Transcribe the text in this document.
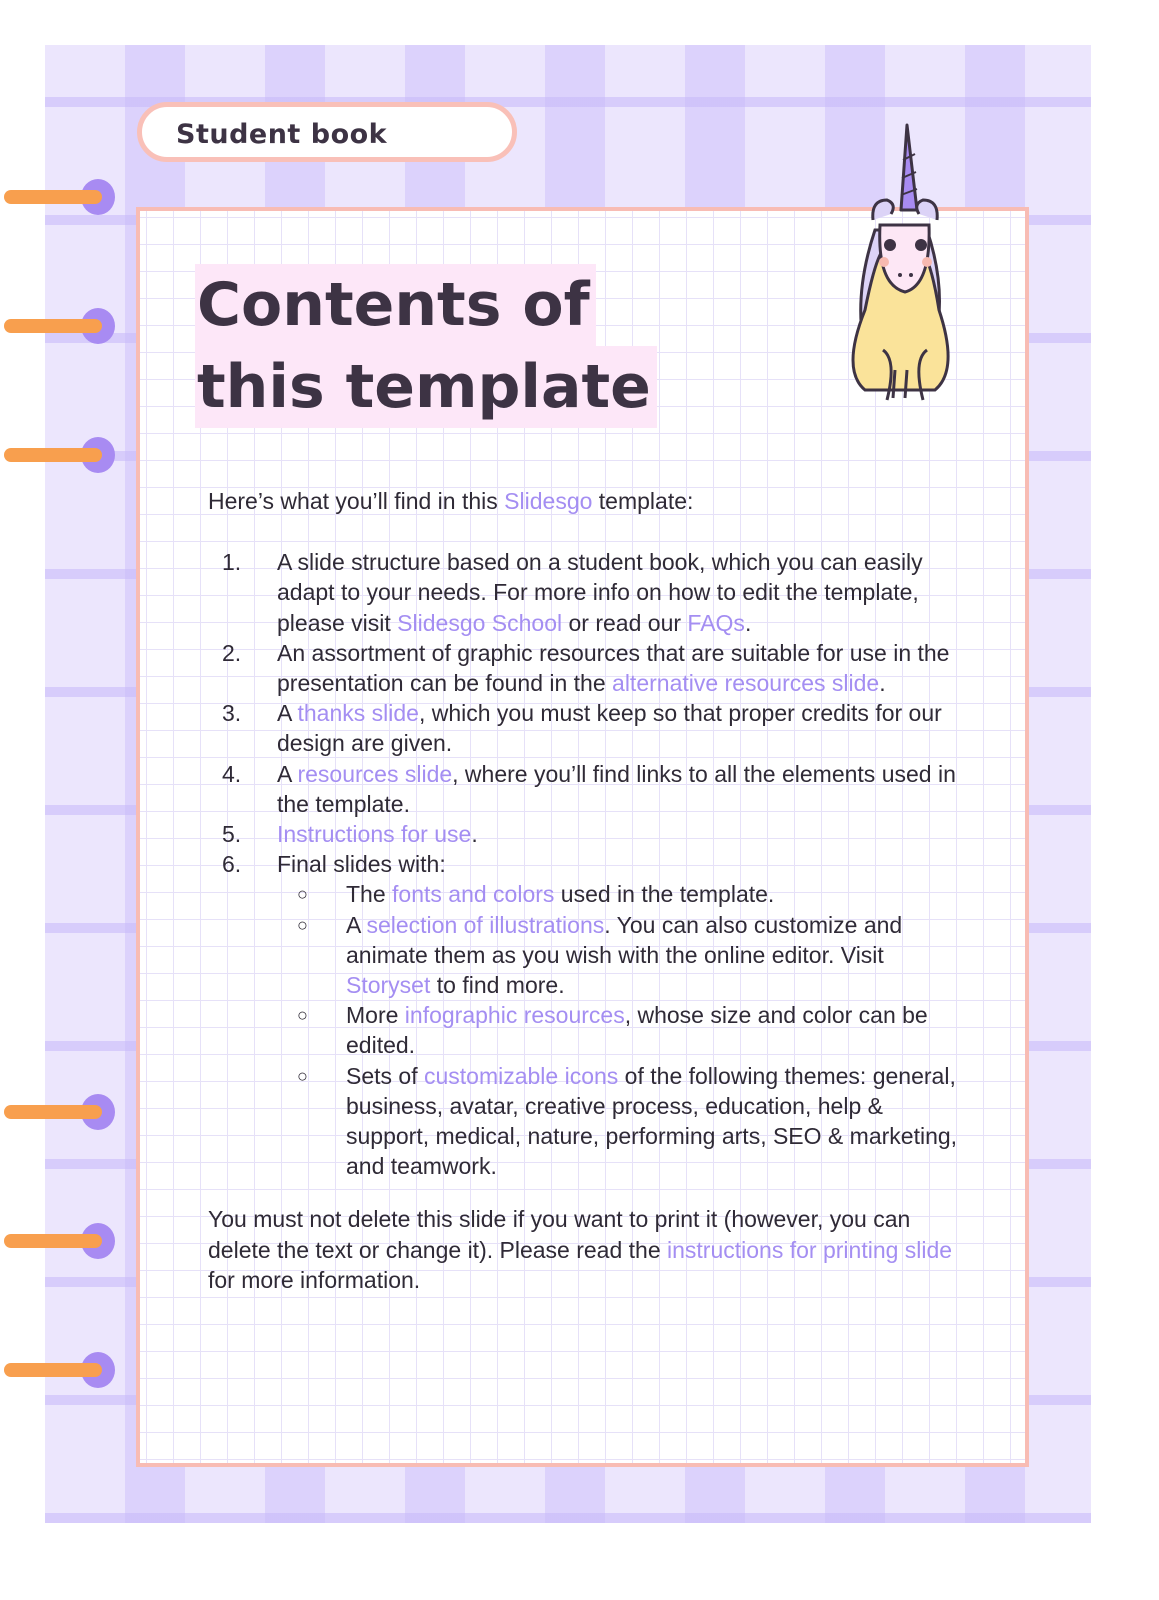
Student book
Contents of
this template

Here’s what you’ll find in this Slidesgo template:

1. A slide structure based on a student book, which you can easily adapt to your needs. For more info on how to edit the template, please visit Slidesgo School or read our FAQs.
2. An assortment of graphic resources that are suitable for use in the presentation can be found in the alternative resources slide.
3. A thanks slide, which you must keep so that proper credits for our design are given.
4. A resources slide, where you’ll find links to all the elements used in the template.
5. Instructions for use.
6. Final slides with:
○ The fonts and colors used in the template.
○ A selection of illustrations. You can also customize and animate them as you wish with the online editor. Visit Storyset to find more.
○ More infographic resources, whose size and color can be edited.
○ Sets of customizable icons of the following themes: general, business, avatar, creative process, education, help & support, medical, nature, performing arts, SEO & marketing, and teamwork.

You must not delete this slide if you want to print it (however, you can delete the text or change it). Please read the instructions for printing slide for more information.
